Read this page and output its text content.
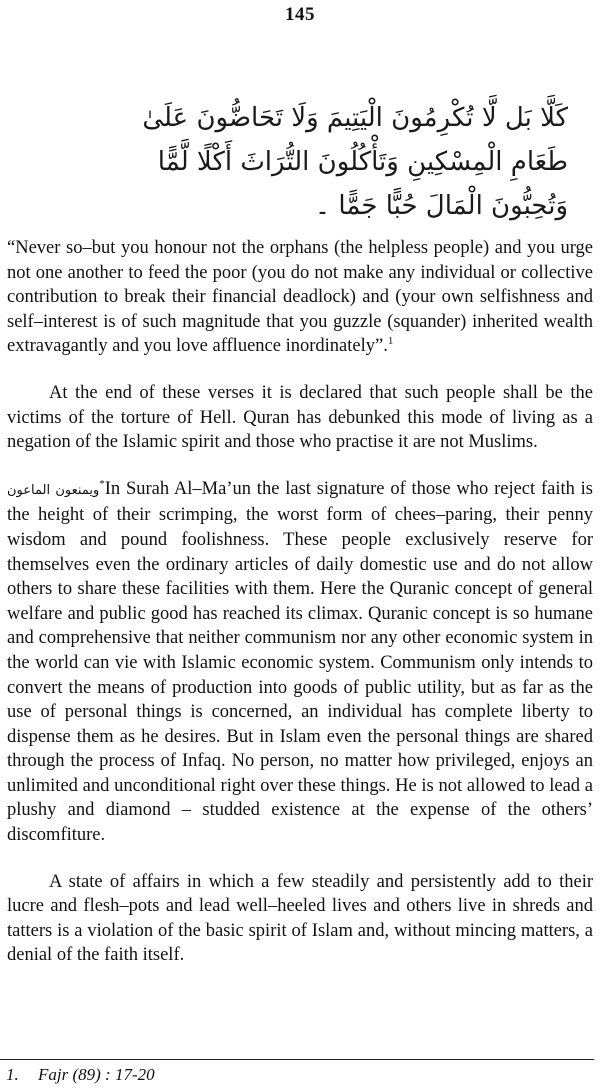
145
كَلَّا بَل لَّا تُكْرِمُونَ الْيَتِيمَ وَلَا تَحَاضُّونَ عَلَىٰ
طَعَامِ الْمِسْكِينِ وَتَأْكُلُونَ التُّرَاثَ أَكْلًا لَّمًّا
وَتُحِبُّونَ الْمَالَ حُبًّا جَمًّا ۔

“Never so–but you honour not the orphans (the helpless people) and you urge not one another to feed the poor (you do not make any individual or collective contribution to break their financial deadlock) and (your own selfishness and self–interest is of such magnitude that you guzzle (squander) inherited wealth extravagantly and you love affluence inordinately”.$^1$

At the end of these verses it is declared that such people shall be the victims of the torture of Hell. Quran has debunked this mode of living as a negation of the Islamic spirit and those who practise it are not Muslims.

ويمنعون الماعون*In Surah Al–Ma’un the last signature of those who reject faith is the height of their scrimping, the worst form of chees–paring, their penny wisdom and pound foolishness. These people exclusively reserve for themselves even the ordinary articles of daily domestic use and do not allow others to share these facilities with them. Here the Quranic concept of general welfare and public good has reached its climax. Quranic concept is so humane and comprehensive that neither communism nor any other economic system in the world can vie with Islamic economic system. Communism only intends to convert the means of production into goods of public utility, but as far as the use of personal things is concerned, an individual has complete liberty to dispense them as he desires. But in Islam even the personal things are shared through the process of Infaq. No person, no matter how privileged, enjoys an unlimited and unconditional right over these things. He is not allowed to lead a plushy and diamond – studded existence at the expense of the others’ discomfiture.

A state of affairs in which a few steadily and persistently add to their lucre and flesh–pots and lead well–heeled lives and others live in shreds and tatters is a violation of the basic spirit of Islam and, without mincing matters, a denial of the faith itself.

1. Fajr (89) : 17-20
